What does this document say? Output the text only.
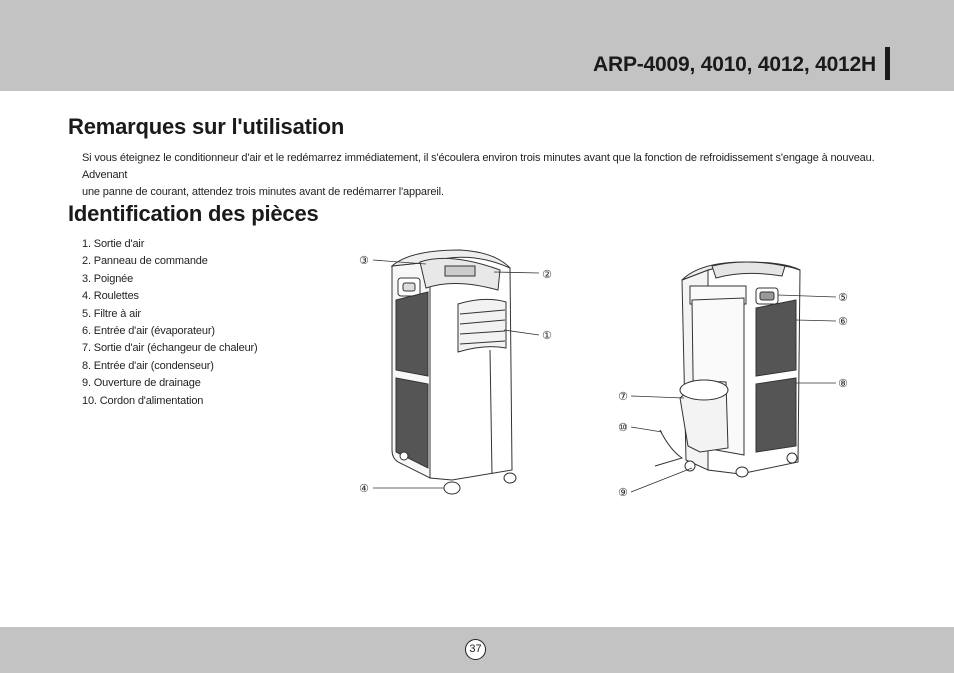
ARP-4009, 4010, 4012, 4012H
Remarques sur l'utilisation
Si vous éteignez le conditionneur d'air et le redémarrez immédiatement, il s'écoulera environ trois minutes avant que la fonction de refroidissement s'engage à nouveau. Advenant
une panne de courant, attendez trois minutes avant de redémarrer l'appareil.
Identification des pièces
1. Sortie d'air
2. Panneau de commande
3. Poignée
4. Roulettes
5. Filtre à air
6. Entrée d'air (évaporateur)
7. Sortie d'air (échangeur de chaleur)
8. Entrée d'air (condenseur)
9. Ouverture de drainage
10. Cordon d'alimentation
③
②
①
④
⑤
⑥
⑧
⑦
⑩
⑨
37
